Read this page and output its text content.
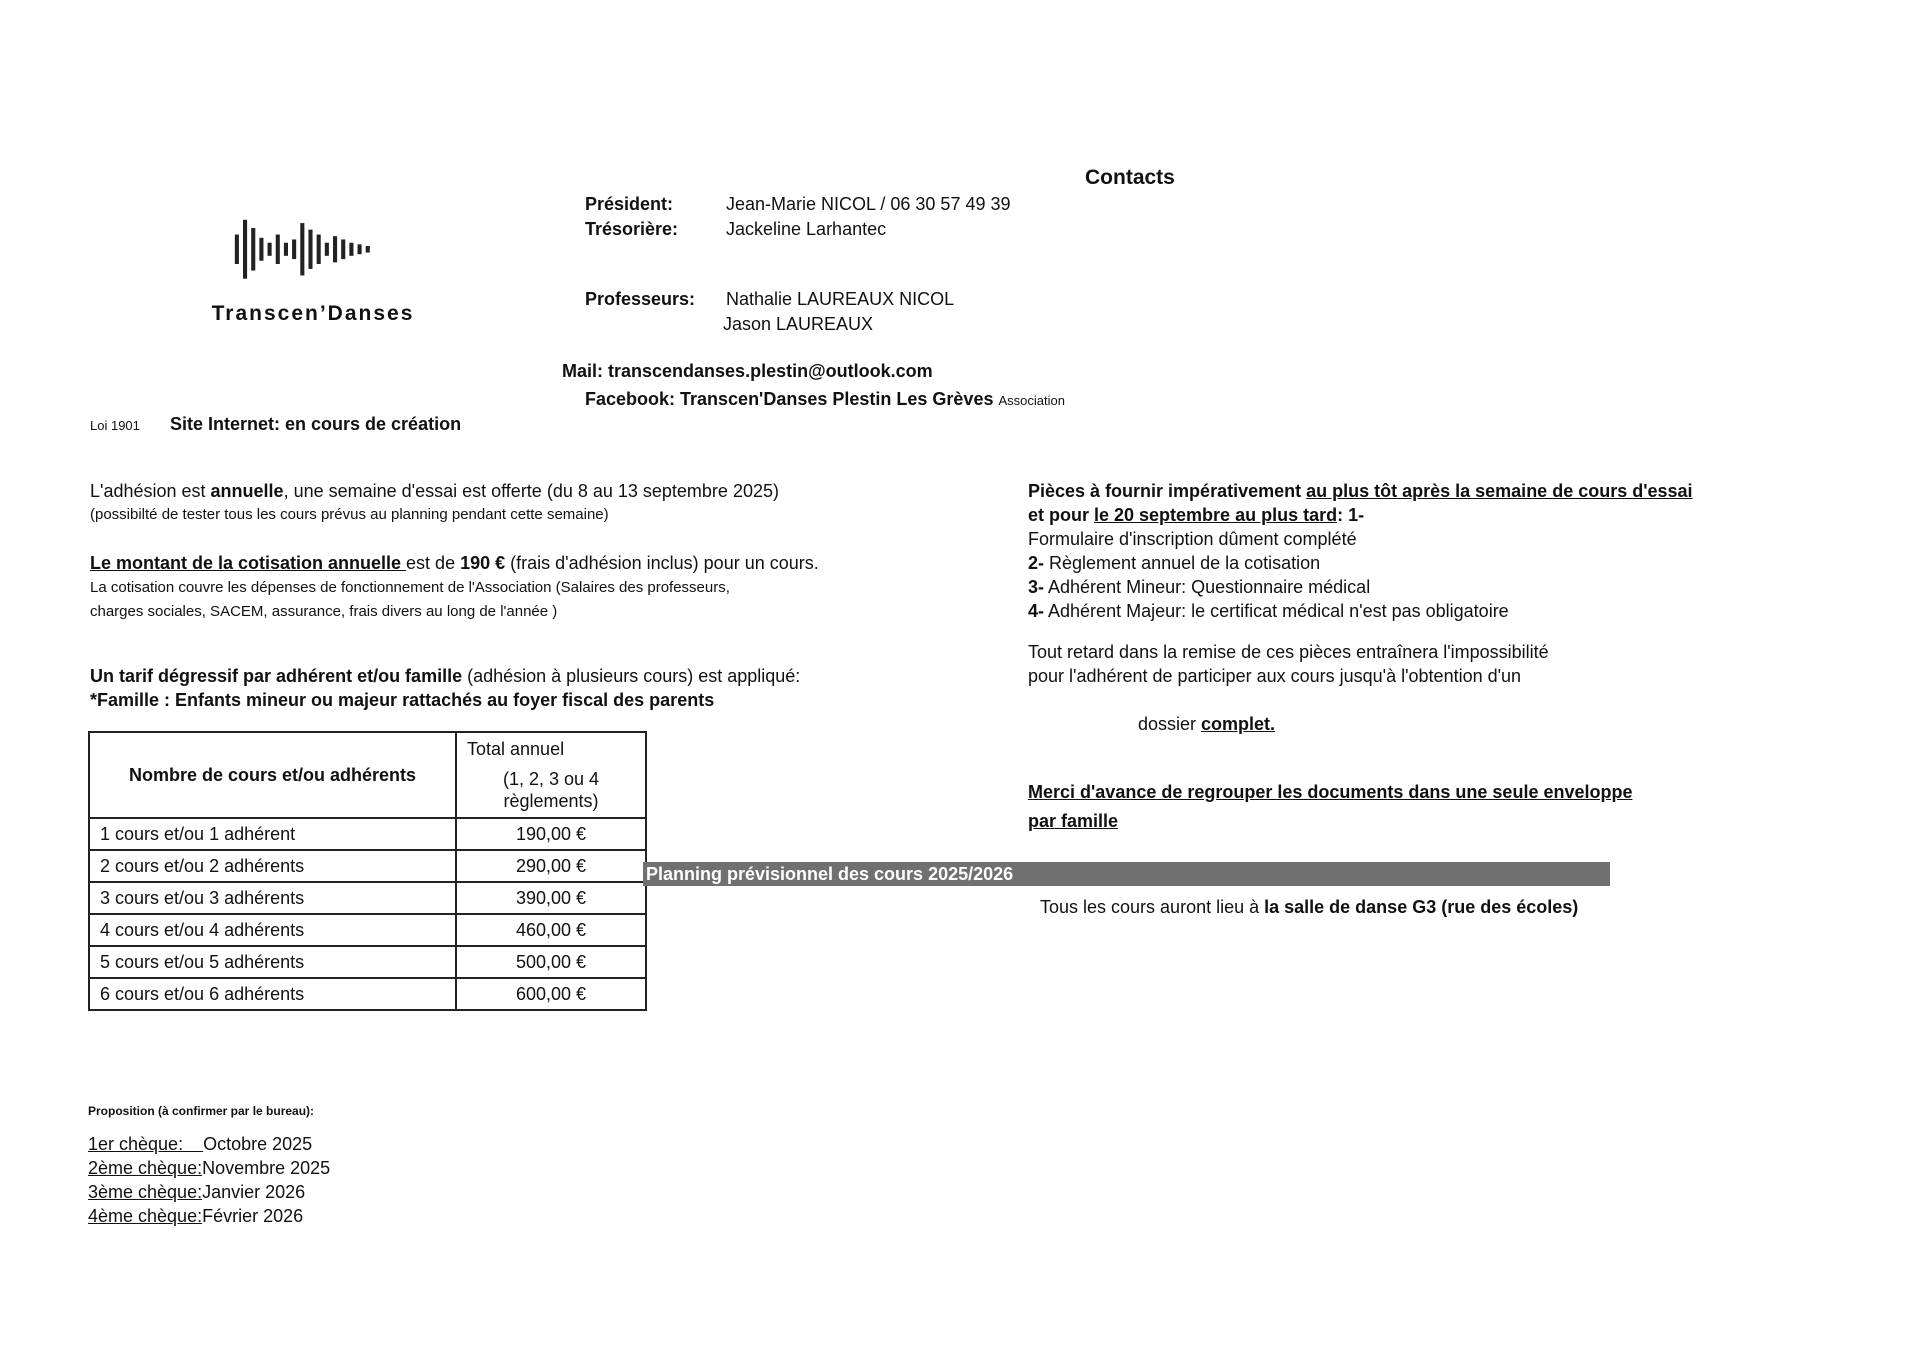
Transcen’Danses
Contacts
Président:	Jean-Marie NICOL / 06 30 57 49 39
Trésorière:	Jackeline Larhantec
Professeurs: Nathalie LAUREAUX NICOL
Jason LAUREAUX
Mail: transcendanses.plestin@outlook.com
Facebook: Transcen'Danses Plestin Les Grèves Association
Loi 1901 Site Internet: en cours de création
L'adhésion est annuelle, une semaine d'essai est offerte (du 8 au 13 septembre 2025)
(possibilté de tester tous les cours prévus au planning pendant cette semaine)
Le montant de la cotisation annuelle est de 190 € (frais d'adhésion inclus) pour un cours.
La cotisation couvre les dépenses de fonctionnement de l'Association (Salaires des professeurs,
charges sociales, SACEM, assurance, frais divers au long de l'année )
Un tarif dégressif par adhérent et/ou famille (adhésion à plusieurs cours) est appliqué:
*Famille : Enfants mineur ou majeur rattachés au foyer fiscal des parents
Nombre de cours et/ou adhérents	Total annuel
(1, 2, 3 ou 4
règlements)

1 cours et/ou 1 adhérent	190,00 €
2 cours et/ou 2 adhérents	290,00 €
3 cours et/ou 3 adhérents	390,00 €
4 cours et/ou 4 adhérents	460,00 €
5 cours et/ou 5 adhérents	500,00 €
6 cours et/ou 6 adhérents	600,00 €
Pièces à fournir impérativement au plus tôt après la semaine de cours d'essai
et pour le 20 septembre au plus tard: 1-
Formulaire d'inscription dûment complété
2- Règlement annuel de la cotisation
3- Adhérent Mineur: Questionnaire médical
4- Adhérent Majeur: le certificat médical n'est pas obligatoire
Tout retard dans la remise de ces pièces entraînera l'impossibilité
pour l'adhérent de participer aux cours jusqu'à l'obtention d'un
dossier complet.
Merci d'avance de regrouper les documents dans une seule enveloppe
par famille
Planning prévisionnel des cours 2025/2026
Tous les cours auront lieu à la salle de danse G3 (rue des écoles)
Proposition (à confirmer par le bureau):
1er chèque:    Octobre 2025
2ème chèque:Novembre 2025
3ème chèque:Janvier 2026
4ème chèque:Février 2026
